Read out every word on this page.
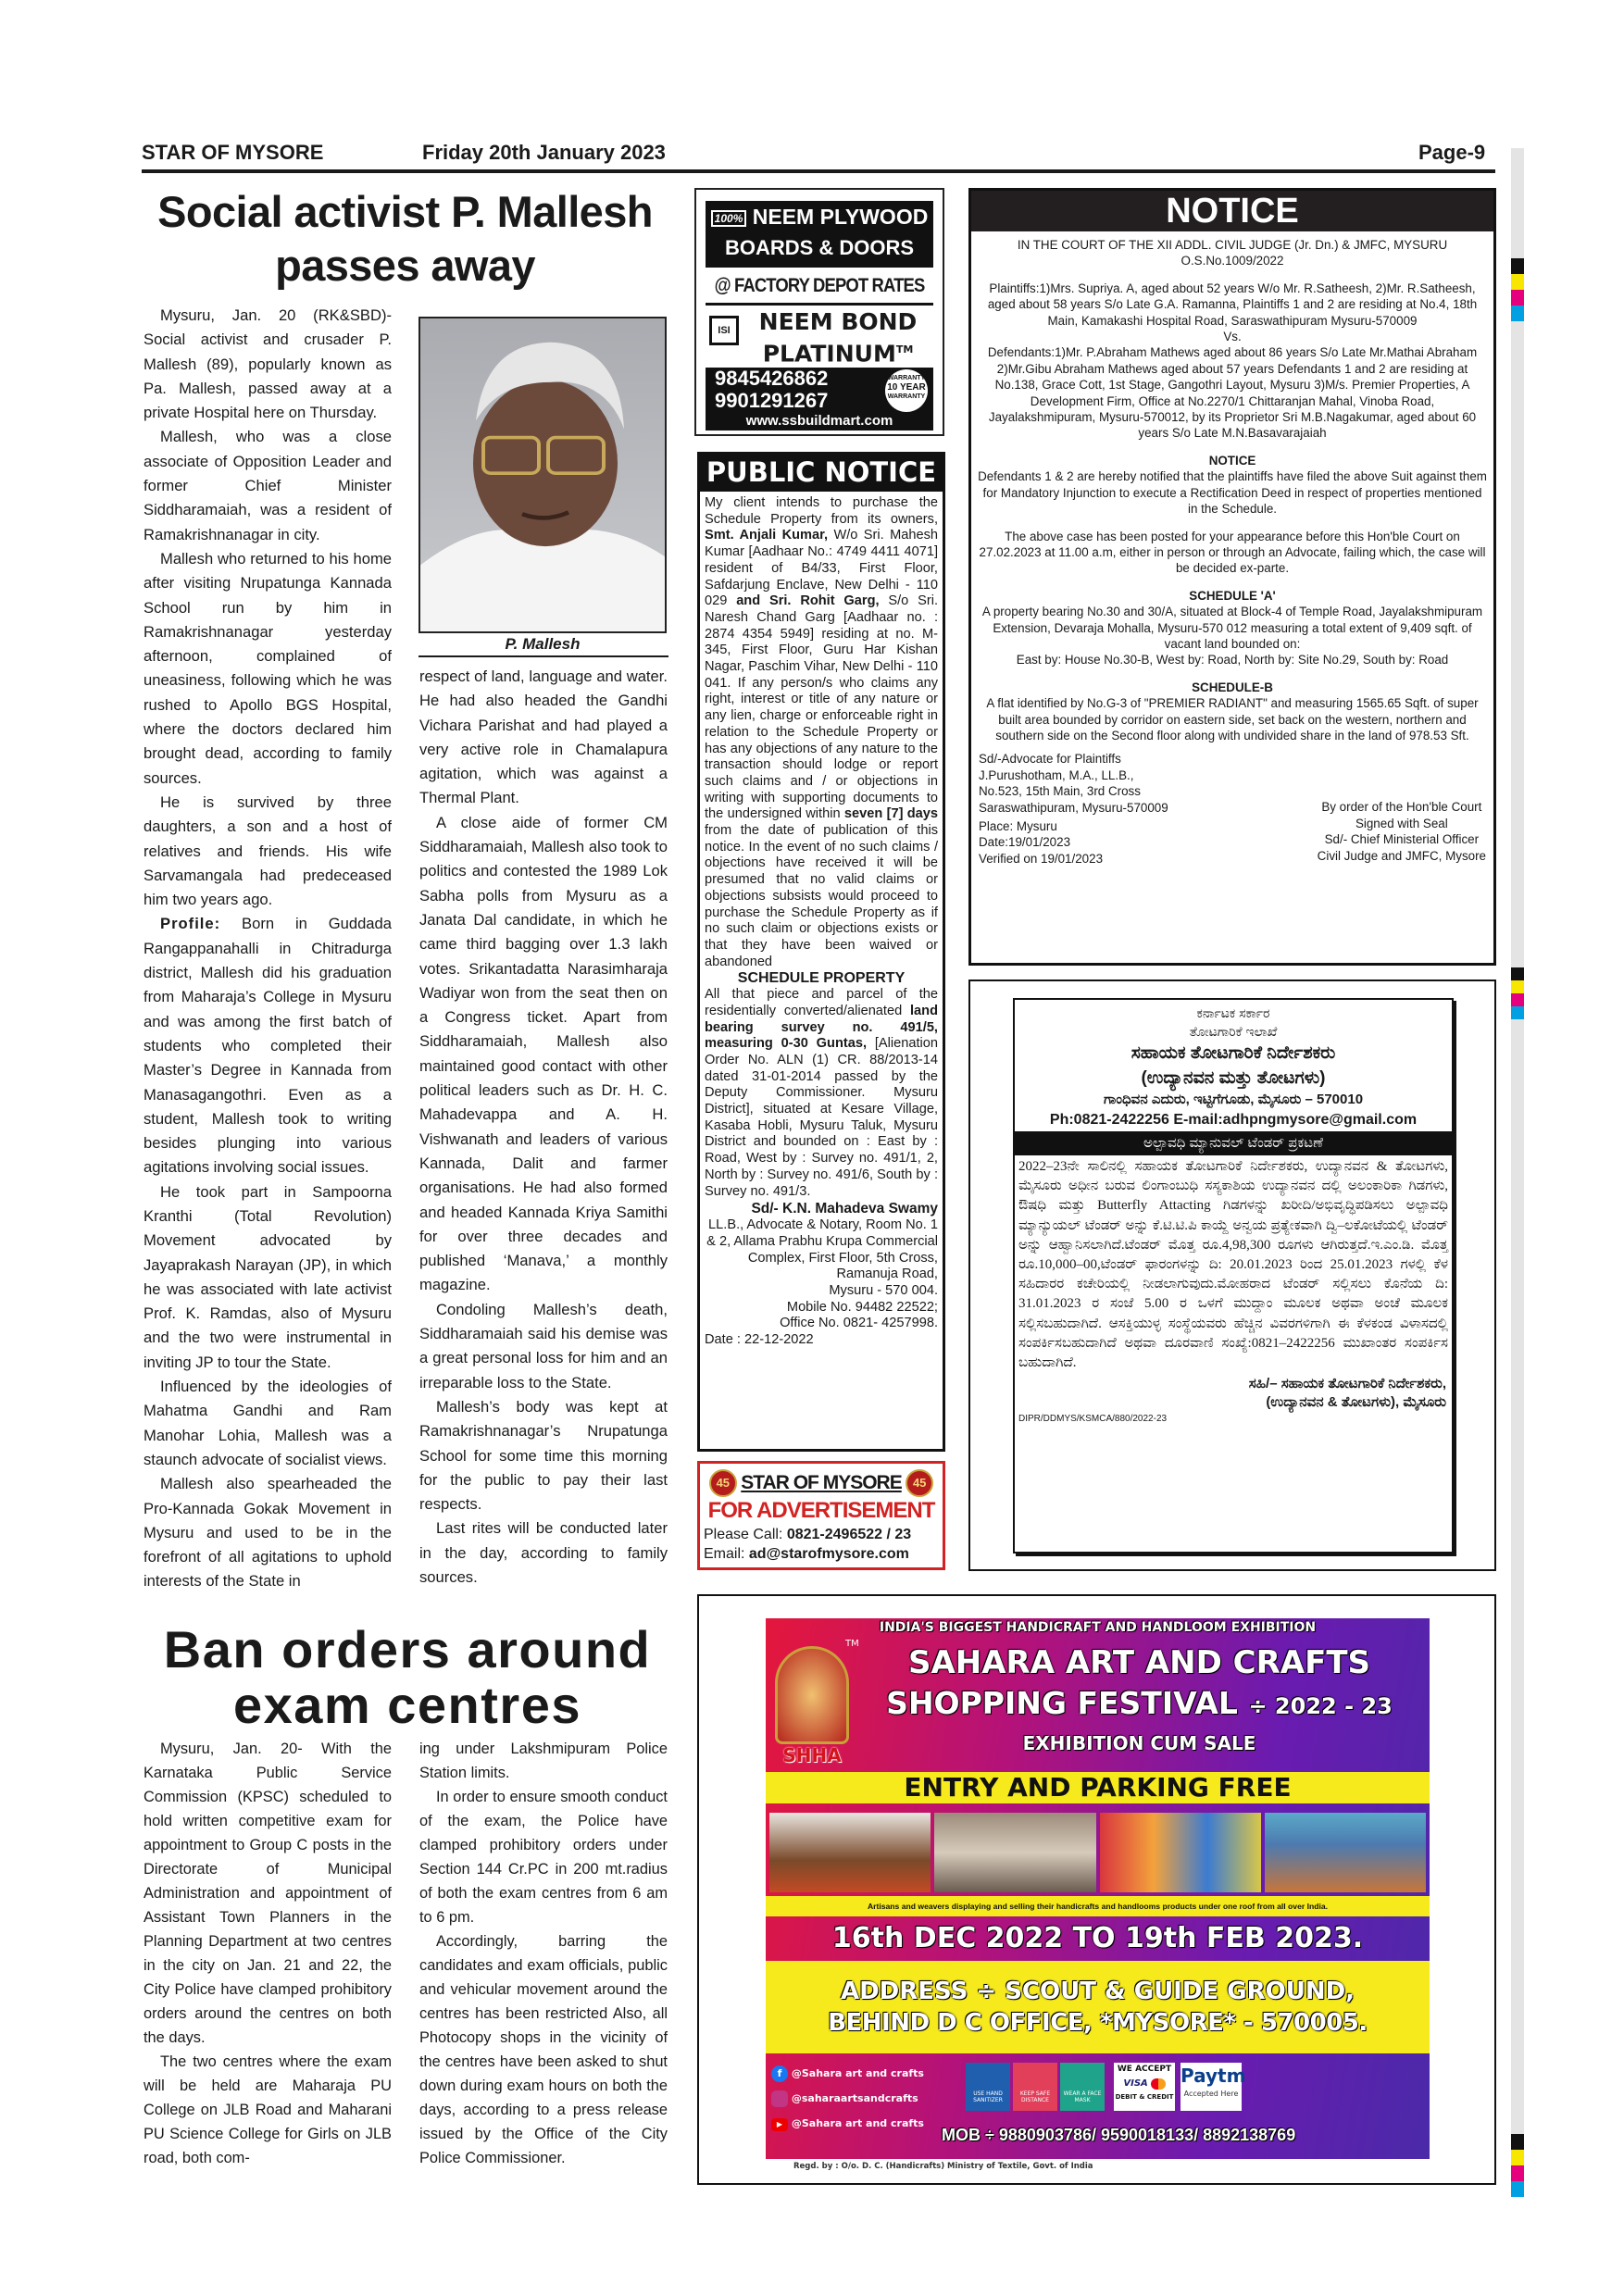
STAR OF MYSORE	Friday 20th January 2023	Page-9
Social activist P. Mallesh
passes away

Mysuru, Jan. 20 (RK&SBD)- Social activist and crusader P. Mallesh (89), popularly known as Pa. Mallesh, passed away at a private Hospital here on Thursday.

Mallesh, who was a close associate of Opposition Leader and former Chief Minister Siddharamaiah, was a resident of Ramakrishnanagar in city.

Mallesh who returned to his home after visiting Nrupatunga Kannada School run by him in Ramakrishnanagar yesterday afternoon, complained of uneasiness, following which he was rushed to Apollo BGS Hospital, where the doctors declared him brought dead, according to family sources.

He is survived by three daughters, a son and a host of relatives and friends. His wife Sarvamangala had predeceased him two years ago.

Profile: Born in Guddada Rangappanahalli in Chitradurga district, Mallesh did his graduation from Maharaja’s College in Mysuru and was among the first batch of students who completed their Master’s Degree in Kannada from Manasagangothri. Even as a student, Mallesh took to writing besides plunging into various agitations involving social issues.

He took part in Sampoorna Kranthi (Total Revolution) Movement advocated by Jayaprakash Narayan (JP), in which he was associated with late activist Prof. K. Ramdas, also of Mysuru and the two were instrumental in inviting JP to tour the State.

Influenced by the ideologies of Mahatma Gandhi and Ram Manohar Lohia, Mallesh was a staunch advocate of socialist views.

Mallesh also spearheaded the Pro-Kannada Gokak Movement in Mysuru and used to be in the forefront of all agitations to uphold interests of the State in

P. Mallesh

respect of land, language and water. He had also headed the Gandhi Vichara Parishat and had played a very active role in Chamalapura agitation, which was against a Thermal Plant.

A close aide of former CM Siddharamaiah, Mallesh also took to politics and contested the 1989 Lok Sabha polls from Mysuru as a Janata Dal candidate, in which he came third bagging over 1.3 lakh votes. Srikantadatta Narasimharaja Wadiyar won from the seat then on a Congress ticket. Apart from Siddharamaiah, Mallesh also maintained good contact with other political leaders such as Dr. H. C. Mahadevappa and A. H. Vishwanath and leaders of various Kannada, Dalit and farmer organisations. He had also formed and headed Kannada Kriya Samithi for over three decades and published ‘Manava,’ a monthly magazine.

Condoling Mallesh’s death, Siddharamaiah said his demise was a great personal loss for him and an irreparable loss to the State.

Mallesh’s body was kept at Ramakrishnanagar’s Nrupatunga School for some time this morning for the public to pay their last respects.

Last rites will be conducted later in the day, according to family sources.

Ban orders around
exam centres

Mysuru, Jan. 20- With the Karnataka Public Service Commission (KPSC) scheduled to hold written competitive exam for appointment to Group C posts in the Directorate of Municipal Administration and appointment of Assistant Town Planners in the Planning Department at two centres in the city on Jan. 21 and 22, the City Police have clamped prohibitory orders around the centres on both the days.

The two centres where the exam will be held are Maharaja PU College on JLB Road and Maharani PU Science College for Girls on JLB road, both com-

ing under Lakshmipuram Police Station limits.

In order to ensure smooth conduct of the exam, the Police have clamped prohibitory orders under Section 144 Cr.PC in 200 mt.radius of both the exam centres from 6 am to 6 pm.

Accordingly, barring the candidates and exam officials, public and vehicular movement around the centres has been restricted Also, all Photocopy shops in the vicinity of the centres have been asked to shut down during exam hours on both the days, according to a press release issued by the Office of the City Police Commissioner.

100% NEEM PLYWOOD
BOARDS & DOORS
@ FACTORY DEPOT RATES
ISI	NEEM BOND
PLATINUM™
9845426862
9901291267
WARRANTY
10 YEAR
WARRANTY
www.ssbuildmart.com
PUBLIC NOTICE

My client intends to purchase the Schedule Property from its owners, Smt. Anjali Kumar, W/o Sri. Mahesh Kumar [Aadhaar No.: 4749 4411 4071] resident of B4/33, First Floor, Safdarjung Enclave, New Delhi - 110 029 and Sri. Rohit Garg, S/o Sri. Naresh Chand Garg [Aadhaar no. : 2874 4354 5949] residing at no. M-345, First Floor, Guru Har Kishan Nagar, Paschim Vihar, New Delhi - 110 041. If any person/s who claims any right, interest or title of any nature or any lien, charge or enforceable right in relation to the Schedule Property or has any objections of any nature to the transaction should lodge or report such claims and / or objections in writing with supporting documents to the undersigned within seven [7] days from the date of publication of this notice. In the event of no such claims / objections have received it will be presumed that no valid claims or objections subsists would proceed to purchase the Schedule Property as if no such claim or objections exists or that they have been waived or abandoned

SCHEDULE PROPERTY

All that piece and parcel of the residentially converted/alienated land bearing survey no. 491/5, measuring 0-30 Guntas, [Alienation Order No. ALN (1) CR. 88/2013-14 dated 31-01-2014 passed by the Deputy Commissioner. Mysuru District], situated at Kesare Village, Kasaba Hobli, Mysuru Taluk, Mysuru District and bounded on : East by : Road, West by : Survey no. 491/1, 2, North by : Survey no. 491/6, South by : Survey no. 491/3.

Sd/- K.N. Mahadeva Swamy

LL.B., Advocate & Notary, Room No. 1 & 2, Allama Prabhu Krupa Commercial Complex, First Floor, 5th Cross, Ramanuja Road,
Mysuru - 570 004.
Mobile No. 94482 22522;
Office No. 0821- 4257998.

Date : 22-12-2022

45 STAR OF MYSORE 45
FOR ADVERTISEMENT
Please Call: 0821-2496522 / 23
Email: ad@starofmysore.com
NOTICE

IN THE COURT OF THE XII ADDL. CIVIL JUDGE (Jr. Dn.) & JMFC, MYSURU

O.S.No.1009/2022

Plaintiffs:1)Mrs. Supriya. A, aged about 52 years W/o Mr. R.Satheesh, 2)Mr. R.Satheesh, aged about 58 years S/o Late G.A. Ramanna, Plaintiffs 1 and 2 are residing at No.4, 18th Main, Kamakashi Hospital Road, Saraswathipuram Mysuru-570009

Vs.

Defendants:1)Mr. P.Abraham Mathews aged about 86 years S/o Late Mr.Mathai Abraham 2)Mr.Gibu Abraham Mathews aged about 57 years Defendants 1 and 2 are residing at No.138, Grace Cott, 1st Stage, Gangothri Layout, Mysuru 3)M/s. Premier Properties, A Development Firm, Office at No.2270/1 Chittaranjan Mahal, Vinoba Road, Jayalakshmipuram, Mysuru-570012, by its Proprietor Sri M.B.Nagakumar, aged about 60 years S/o Late M.N.Basavarajaiah

NOTICE

Defendants 1 & 2 are hereby notified that the plaintiffs have filed the above Suit against them for Mandatory Injunction to execute a Rectification Deed in respect of properties mentioned in the Schedule.

The above case has been posted for your appearance before this Hon'ble Court on 27.02.2023 at 11.00 a.m, either in person or through an Advocate, failing which, the case will be decided ex-parte.

SCHEDULE 'A'

A property bearing No.30 and 30/A, situated at Block-4 of Temple Road, Jayalakshmipuram Extension, Devaraja Mohalla, Mysuru-570 012 measuring a total extent of 9,409 sqft. of vacant land bounded on:

East by: House No.30-B, West by: Road, North by: Site No.29, South by: Road

SCHEDULE-B

A flat identified by No.G-3 of "PREMIER RADIANT" and measuring 1565.65 Sqft. of super built area bounded by corridor on eastern side, set back on the western, northern and southern side on the Second floor along with undivided share in the land of 978.53 Sft.

Sd/-Advocate for Plaintiffs
J.Purushotham, M.A., LL.B.,
No.523, 15th Main, 3rd Cross
Saraswathipuram, Mysuru-570009
Place: Mysuru
Date:19/01/2023
Verified on 19/01/2023
By order of the Hon'ble Court
Signed with Seal
Sd/- Chief Ministerial Officer
Civil Judge and JMFC, Mysore
ಕರ್ನಾಟಕ ಸರ್ಕಾರ
ತೋಟಗಾರಿಕೆ ಇಲಾಖೆ
ಸಹಾಯಕ ತೋಟಗಾರಿಕೆ ನಿರ್ದೇಶಕರು
(ಉದ್ಯಾನವನ ಮತ್ತು ತೋಟಗಳು)
ಗಾಂಧಿವನ ಎದುರು, ಇಟ್ಟಿಗೆಗೂಡು, ಮೈಸೂರು – 570010
Ph:0821-2422256 E-mail:adhpngmysore@gmail.com
ಅಲ್ಪಾವಧಿ ಮ್ಯಾನುವಲ್ ಟೆಂಡರ್ ಪ್ರಕಟಣೆ
2022–23ನೇ ಸಾಲಿನಲ್ಲಿ ಸಹಾಯಕ ತೋಟಗಾರಿಕೆ ನಿರ್ದೇಶಕರು, ಉದ್ಯಾನವನ & ತೋಟಗಳು, ಮೈಸೂರು ಅಧೀನ ಬರುವ ಲಿಂಗಾಂಬುಧಿ ಸಸ್ಯಕಾಶಿಯ ಉದ್ಯಾನವನ ದಲ್ಲಿ ಅಲಂಕಾರಿಕಾ ಗಿಡಗಳು, ಔಷಧಿ ಮತ್ತು Butterfly Attacting ಗಿಡಗಳನ್ನು ಖರೀದಿ/ಅಭಿವೃದ್ಧಿಪಡಿಸಲು ಅಲ್ಪಾವಧಿ ಮ್ಯಾನ್ಯುಯಲ್ ಟೆಂಡರ್ ಅನ್ನು ಕೆ.ಟಿ.ಟಿ.ಪಿ ಕಾಯ್ದೆ ಅನ್ವಯ ಪ್ರತ್ಯೇಕವಾಗಿ ದ್ವಿ–ಲಕೋಟೆಯಲ್ಲಿ ಟೆಂಡರ್ ಅನ್ನು ಆಹ್ವಾನಿಸಲಾಗಿದೆ.ಟೆಂಡರ್ ಮೊತ್ತ ರೂ.4,98,300 ರೂಗಳು ಆಗಿರುತ್ತದೆ.ಇ.ಎಂ.ಡಿ. ಮೊತ್ತ ರೂ.10,000–00,ಟೆಂಡರ್ ಫಾರಂಗಳನ್ನು ದಿ: 20.01.2023 ರಿಂದ 25.01.2023 ಗಳಲ್ಲಿ ಕೆಳ ಸಹಿದಾರರ ಕಚೇರಿಯಲ್ಲಿ ನೀಡಲಾಗುವುದು.ಮೋಹರಾದ ಟೆಂಡರ್ ಸಲ್ಲಿಸಲು ಕೊನೆಯ ದಿ: 31.01.2023 ರ ಸಂಜೆ 5.00 ರ ಒಳಗೆ ಮುದ್ದಾಂ ಮೂಲಕ ಅಥವಾ ಅಂಚೆ ಮೂಲಕ ಸಲ್ಲಿಸಬಹುದಾಗಿದೆ. ಆಸಕ್ತಿಯುಳ್ಳ ಸಂಸ್ಥೆಯವರು ಹೆಚ್ಚಿನ ವಿವರಗಳಿಗಾಗಿ ಈ ಕೆಳಕಂಡ ವಿಳಾಸದಲ್ಲಿ ಸಂಪರ್ಕಿಸಬಹುದಾಗಿದೆ ಅಥವಾ ದೂರವಾಣಿ ಸಂಖ್ಯೆ:0821–2422256 ಮುಖಾಂತರ ಸಂಪರ್ಕಿಸ ಬಹುದಾಗಿದೆ.
ಸಹಿ/– ಸಹಾಯಕ ತೋಟಗಾರಿಕೆ ನಿರ್ದೇಶಕರು,
(ಉದ್ಯಾನವನ & ತೋಟಗಳು), ಮೈಸೂರು
DIPR/DDMYS/KSMCA/880/2022-23
INDIA'S BIGGEST HANDICRAFT AND HANDLOOM EXHIBITION
SHHA
TM
SAHARA ART AND CRAFTS
SHOPPING FESTIVAL ÷ 2022 - 23
EXHIBITION CUM SALE
ENTRY AND PARKING FREE
Artisans and weavers displaying and selling their handicrafts and handlooms products under one roof from all over India.
16th DEC 2022 TO 19th FEB 2023.
ADDRESS ÷ SCOUT & GUIDE GROUND,
BEHIND D C OFFICE, *MYSORE* - 570005.
f @Sahara art and crafts
@saharaartsandcrafts
▶ @Sahara art and crafts
USE HAND SANITIZER
KEEP SAFE DISTANCE
WEAR A FACE MASK
WE ACCEPT
VISA
DEBIT & CREDIT
Paytm
Accepted Here
MOB ÷ 9880903786/ 9590018133/ 8892138769
Regd. by : O/o. D. C. (Handicrafts) Ministry of Textile, Govt. of India
